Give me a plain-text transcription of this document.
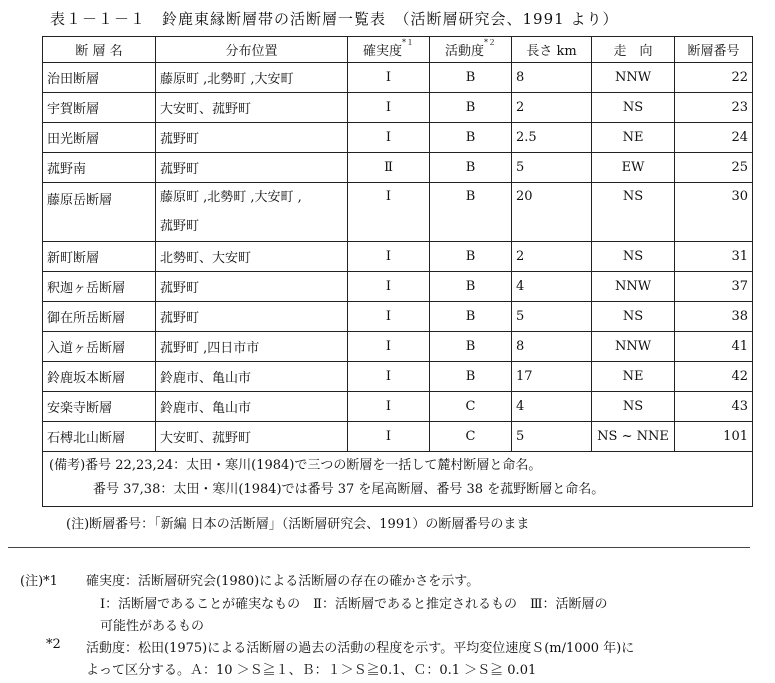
表１－１－１　鈴鹿東縁断層帯の活断層一覧表　（活断層研究会、1991 より）
断 層 名	分布位置	確実度$^{*1}$	活動度$^{*2}$	長さ km	走　向	断層番号
治田断層	藤原町 ,北勢町 ,大安町	Ⅰ	B	8	NNW	22
宇賀断層	大安町、菰野町	Ⅰ	B	2	NS	23
田光断層	菰野町	Ⅰ	B	2.5	NE	24
菰野南	菰野町	Ⅱ	B	5	EW	25
藤原岳断層	藤原町 ,北勢町 ,大安町 ,
菰野町	Ⅰ	B	20	NS	30
新町断層	北勢町、大安町	Ⅰ	B	2	NS	31
釈迦ヶ岳断層	菰野町	Ⅰ	B	4	NNW	37
御在所岳断層	菰野町	Ⅰ	B	5	NS	38
入道ヶ岳断層	菰野町 ,四日市市	Ⅰ	B	8	NNW	41
鈴鹿坂本断層	鈴鹿市、亀山市	Ⅰ	B	17	NE	42
安楽寺断層	鈴鹿市、亀山市	Ⅰ	C	4	NS	43
石榑北山断層	大安町、菰野町	Ⅰ	C	5	NS ~ NNE	101

(備考)番号 22,23,24：太田・寒川(1984)で三つの断層を一括して麓村断層と命名。
番号 37,38：太田・寒川(1984)では番号 37 を尾高断層、番号 38 を菰野断層と命名。						
(注)断層番号：「新編 日本の活断層」（活断層研究会、1991）の断層番号のまま
(注)*1 確実度：活断層研究会(1980)による活断層の存在の確かさを示す。
Ⅰ：活断層であることが確実なもの　Ⅱ：活断層であると推定されるもの　Ⅲ：活断層の
可能性があるもの
*2 活動度：松田(1975)による活断層の過去の活動の程度を示す。平均変位速度Ｓ(m/1000 年)に
よって区分する。Ａ：10 ＞Ｓ≧１、Ｂ：１＞Ｓ≧0.1、Ｃ：0.1 ＞Ｓ≧ 0.01
